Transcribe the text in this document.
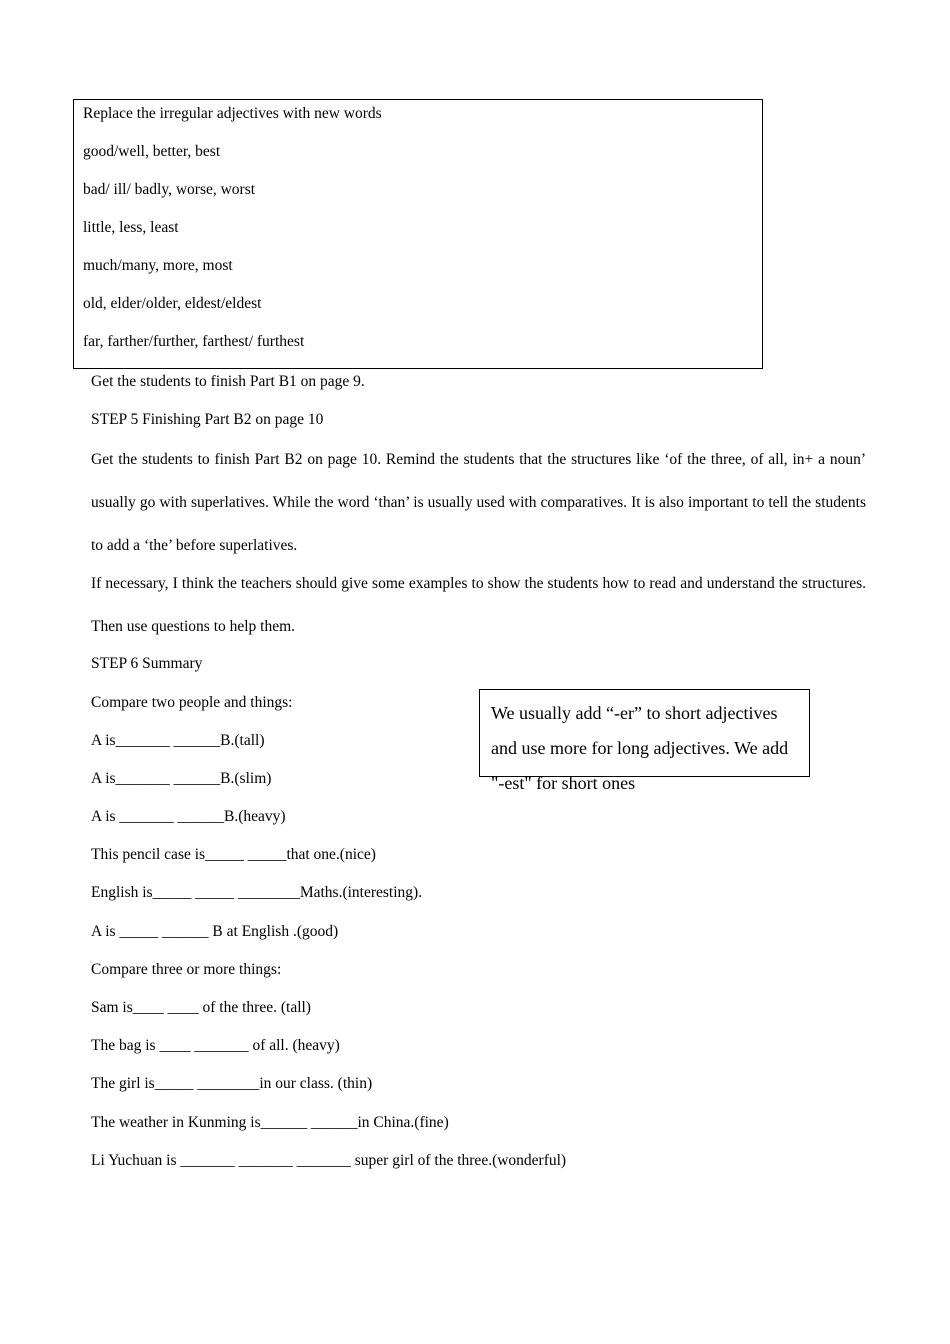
Replace the irregular adjectives with new words
good/well, better, best
bad/ ill/ badly, worse, worst
little, less, least
much/many, more, most
old, elder/older, eldest/eldest
far, farther/further, farthest/ furthest
Get the students to finish Part B1 on page 9.
STEP 5 Finishing Part B2 on page 10
Get the students to finish Part B2 on page 10. Remind the students that the structures like ‘of the three, of all, in+ a noun’ usually go with superlatives. While the word ‘than’ is usually used with comparatives. It is also important to tell the students to add a ‘the’ before superlatives.
If necessary, I think the teachers should give some examples to show the students how to read and understand the structures. Then use questions to help them.
STEP 6 Summary
Compare two people and things:
A is_______ ______B.(tall)
A is_______ ______B.(slim)
A is _______ ______B.(heavy)
This pencil case is_____ _____that one.(nice)
English is_____ _____ ________Maths.(interesting).
A is _____ ______ B at English .(good)
Compare three or more things:
Sam is____ ____ of the three. (tall)
The bag is ____ _______ of all. (heavy)
The girl is_____ ________in our class. (thin)
The weather in Kunming is______ ______in China.(fine)
Li Yuchuan is _______ _______ _______ super girl of the three.(wonderful)
We usually add “-er” to short adjectives and use more for long adjectives. We add "-est" for short ones
